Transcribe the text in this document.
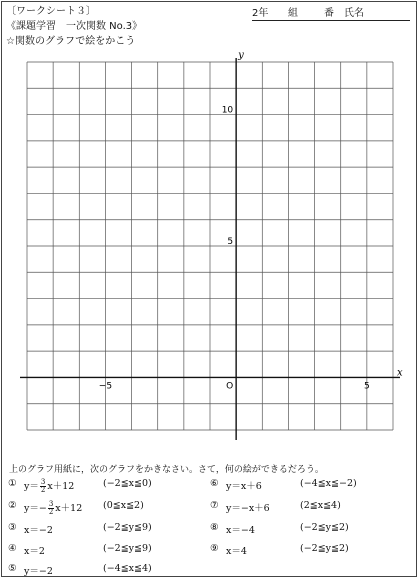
〔ワークシート３〕
《課題学習　一次関数 No.3》
☆関数のグラフで絵をかこう
2年 組	番 氏名
x
y
O
−5	5
5
10
上のグラフ用紙に，次のグラフをかきなさい。さて，何の絵ができるだろう。
① $y= \frac{3}{2} x+12$	(−2≦x≦0)
② $y=- \frac{3}{2} x+12$ (0≦x≦2)
③ x＝−2	(−2≦y≦9)
④ x＝2	(−2≦y≦9)
⑤ y＝−2	(−4≦x≦4)
⑥ y＝x＋6	(−4≦x≦−2)
⑦ y＝−x＋6	(2≦x≦4)
⑧ x＝−4	(−2≦y≦2)
⑨ x＝4	(−2≦y≦2)
